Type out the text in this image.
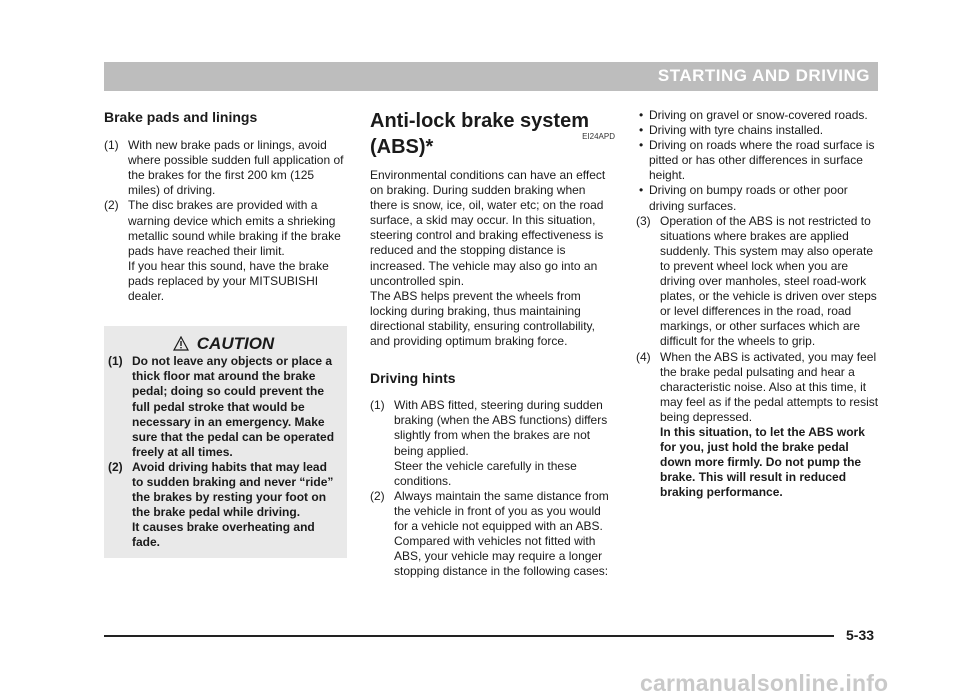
STARTING AND DRIVING
Brake pads and linings
(1) With new brake pads or linings, avoid where possible sudden full application of the brakes for the first 200 km (125 miles) of driving.

(2) The disc brakes are provided with a warning device which emits a shrieking metallic sound while braking if the brake pads have reached their limit.

If you hear this sound, have the brake pads replaced by your MITSUBISHI dealer.

CAUTION
(1) Do not leave any objects or place a thick floor mat around the brake pedal; doing so could prevent the full pedal stroke that would be necessary in an emergency. Make sure that the pedal can be operated freely at all times.

(2) Avoid driving habits that may lead to sudden braking and never “ride” the brakes by resting your foot on the brake pedal while driving.

It causes brake overheating and fade.

Anti-lock brake system
(ABS)*	EI24APD

Environmental conditions can have an effect on braking. During sudden braking when there is snow, ice, oil, water etc; on the road surface, a skid may occur. In this situation, steering control and braking effectiveness is reduced and the stopping distance is increased. The vehicle may also go into an uncontrolled spin.

The ABS helps prevent the wheels from locking during braking, thus maintaining directional stability, ensuring controllability, and providing optimum braking force.

Driving hints
(1) With ABS fitted, steering during sudden braking (when the ABS functions) differs slightly from when the brakes are not being applied.

Steer the vehicle carefully in these conditions.

(2) Always maintain the same distance from the vehicle in front of you as you would for a vehicle not equipped with an ABS.

Compared with vehicles not fitted with ABS, your vehicle may require a longer stopping distance in the following cases:

• Driving on gravel or snow-covered roads.
• Driving with tyre chains installed.
• Driving on roads where the road surface is pitted or has other differences in surface height.
• Driving on bumpy roads or other poor driving surfaces.
(3) Operation of the ABS is not restricted to situations where brakes are applied suddenly. This system may also operate to prevent wheel lock when you are driving over manholes, steel road-work plates, or the vehicle is driven over steps or level differences in the road, road markings, or other surfaces which are difficult for the wheels to grip.

(4) When the ABS is activated, you may feel the brake pedal pulsating and hear a characteristic noise. Also at this time, it may feel as if the pedal attempts to resist being depressed.

In this situation, to let the ABS work for you, just hold the brake pedal down more firmly. Do not pump the brake. This will result in reduced braking performance.

5-33
carmanualsonline.info
